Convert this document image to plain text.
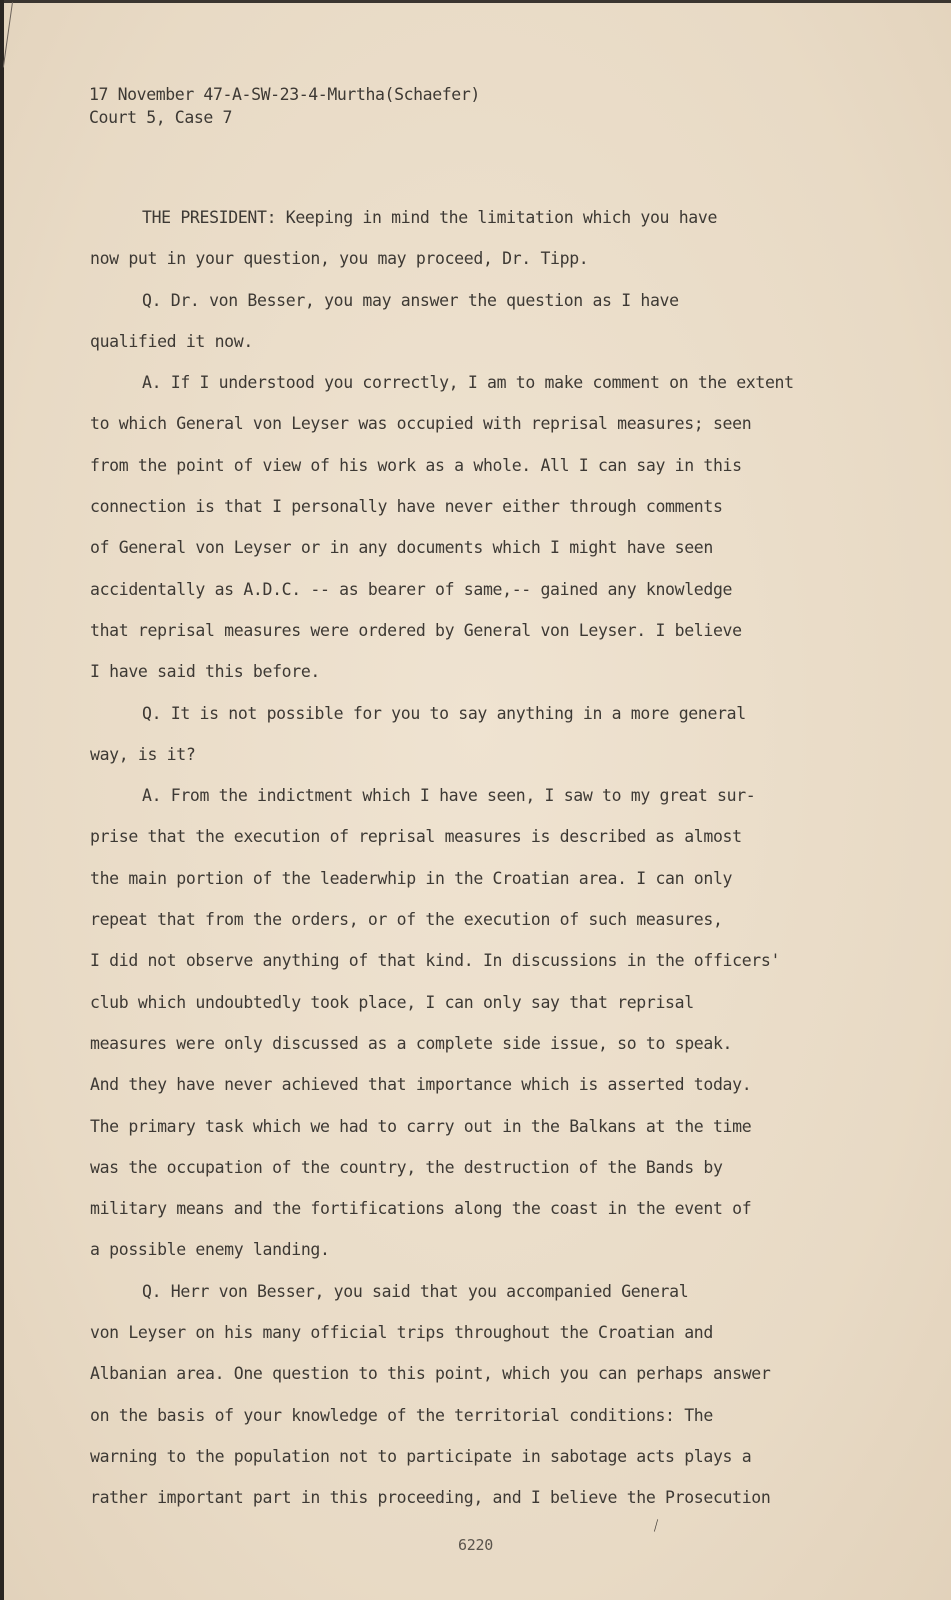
17 November 47-A-SW-23-4-Murtha(Schaefer)
Court 5, Case 7
THE PRESIDENT: Keeping in mind the limitation which you have
now put in your question, you may proceed, Dr. Tipp.
Q. Dr. von Besser, you may answer the question as I have
qualified it now.
A. If I understood you correctly, I am to make comment on the extent
to which General von Leyser was occupied with reprisal measures; seen
from the point of view of his work as a whole. All I can say in this
connection is that I personally have never either through comments
of General von Leyser or in any documents which I might have seen
accidentally as A.D.C. -- as bearer of same,-- gained any knowledge
that reprisal measures were ordered by General von Leyser. I believe
I have said this before.
Q. It is not possible for you to say anything in a more general
way, is it?
A. From the indictment which I have seen, I saw to my great sur-
prise that the execution of reprisal measures is described as almost
the main portion of the leaderwhip in the Croatian area. I can only
repeat that from the orders, or of the execution of such measures,
I did not observe anything of that kind. In discussions in the officers'
club which undoubtedly took place, I can only say that reprisal
measures were only discussed as a complete side issue, so to speak.
And they have never achieved that importance which is asserted today.
The primary task which we had to carry out in the Balkans at the time
was the occupation of the country, the destruction of the Bands by
military means and the fortifications along the coast in the event of
a possible enemy landing.
Q. Herr von Besser, you said that you accompanied General
von Leyser on his many official trips throughout the Croatian and
Albanian area. One question to this point, which you can perhaps answer
on the basis of your knowledge of the territorial conditions: The
warning to the population not to participate in sabotage acts plays a
rather important part in this proceeding, and I believe the Prosecution
⟋
6220
